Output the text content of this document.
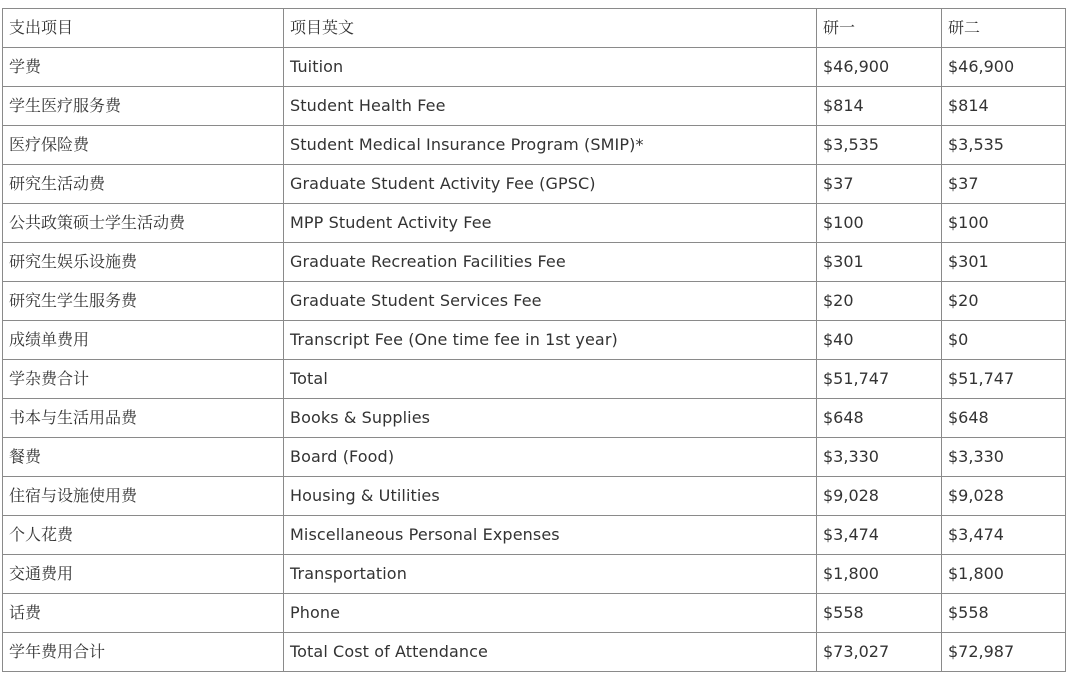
支出项目	项目英文	研一	研二
学费	Tuition	$46,900	$46,900
学生医疗服务费	Student Health Fee	$814	$814
医疗保险费	Student Medical Insurance Program (SMIP)*	$3,535	$3,535
研究生活动费	Graduate Student Activity Fee (GPSC)	$37	$37
公共政策硕士学生活动费	MPP Student Activity Fee	$100	$100
研究生娱乐设施费	Graduate Recreation Facilities Fee	$301	$301
研究生学生服务费	Graduate Student Services Fee	$20	$20
成绩单费用	Transcript Fee (One time fee in 1st year)	$40	$0
学杂费合计	Total	$51,747	$51,747
书本与生活用品费	Books & Supplies	$648	$648
餐费	Board (Food)	$3,330	$3,330
住宿与设施使用费	Housing & Utilities	$9,028	$9,028
个人花费	Miscellaneous Personal Expenses	$3,474	$3,474
交通费用	Transportation	$1,800	$1,800
话费	Phone	$558	$558
学年费用合计	Total Cost of Attendance	$73,027	$72,987
